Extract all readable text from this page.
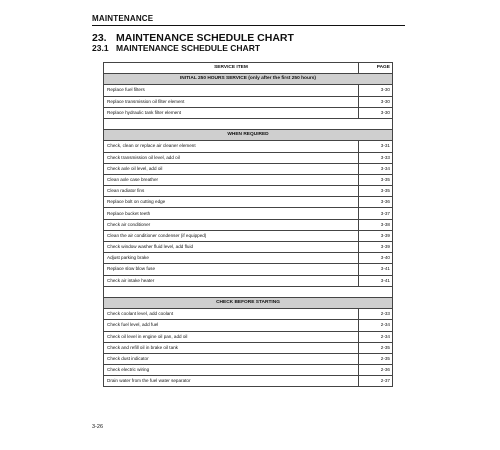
MAINTENANCE
23. MAINTENANCE SCHEDULE CHART
23.1 MAINTENANCE SCHEDULE CHART
SERVICE ITEM	PAGE
INITIAL 250 HOURS SERVICE (only after the first 250 hours)	
Replace fuel filters	3-30
Replace transmission oil filter element	3-30
Replace hydraulic tank filter element	3-30

WHEN REQUIRED	
Check, clean or replace air cleaner element	3-31
Check transmission oil level, add oil	3-33
Check axle oil level, add oil	3-34
Clean axle case breather	3-35
Clean radiator fins	3-35
Replace bolt on cutting edge	3-36
Replace bucket teeth	3-37
Check air conditioner	3-38
Clean the air conditioner condenser (if equipped)	3-39
Check window washer fluid level, add fluid	3-39
Adjust parking brake	3-40
Replace slow blow fuse	3-41
Check air intake heater	3-41

CHECK BEFORE STARTING	
Check coolant level, add coolant	2-33
Check fuel level, add fuel	2-34
Check oil level in engine oil pan, add oil	2-34
Check and refill oil in brake oil tank	2-35
Check dust indicator	2-35
Check electric wiring	2-36
Drain water from the fuel water separator	2-37
3-26
